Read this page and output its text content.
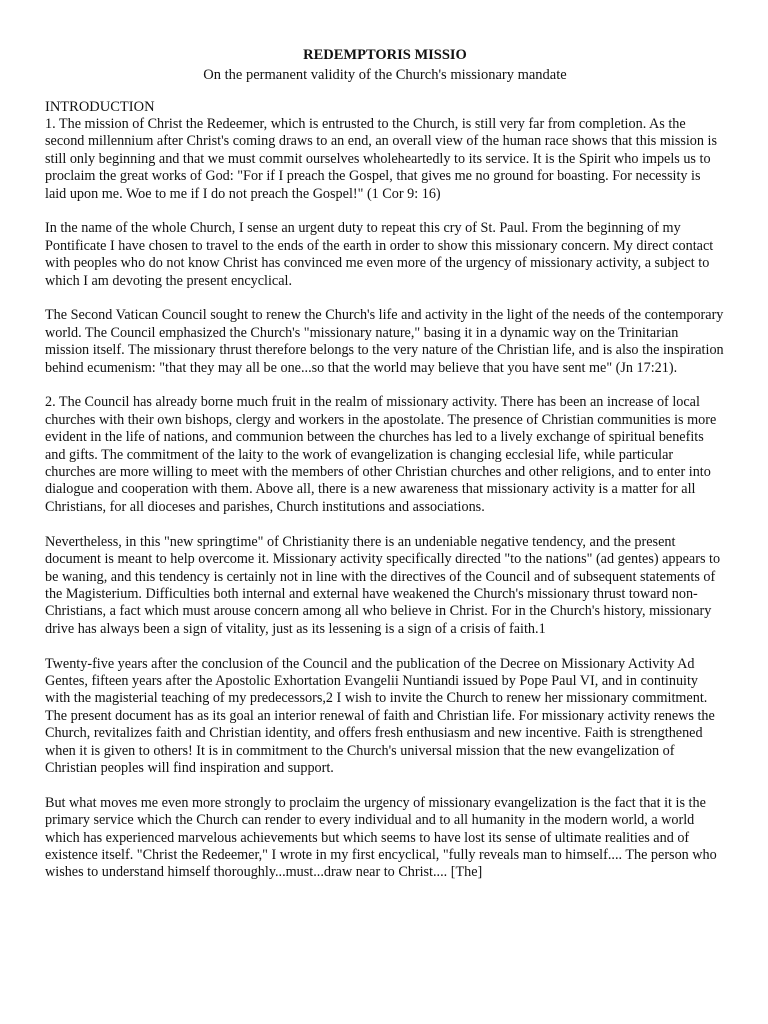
REDEMPTORIS MISSIO
On the permanent validity of the Church's missionary mandate
INTRODUCTION

1. The mission of Christ the Redeemer, which is entrusted to the Church, is still very far from completion. As the second millennium after Christ's coming draws to an end, an overall view of the human race shows that this mission is still only beginning and that we must commit ourselves wholeheartedly to its service. It is the Spirit who impels us to proclaim the great works of God: "For if I preach the Gospel, that gives me no ground for boasting. For necessity is laid upon me. Woe to me if I do not preach the Gospel!" (1 Cor 9: 16)

In the name of the whole Church, I sense an urgent duty to repeat this cry of St. Paul. From the beginning of my Pontificate I have chosen to travel to the ends of the earth in order to show this missionary concern. My direct contact with peoples who do not know Christ has convinced me even more of the urgency of missionary activity, a subject to which I am devoting the present encyclical.

The Second Vatican Council sought to renew the Church's life and activity in the light of the needs of the contemporary world. The Council emphasized the Church's "missionary nature," basing it in a dynamic way on the Trinitarian mission itself. The missionary thrust therefore belongs to the very nature of the Christian life, and is also the inspiration behind ecumenism: "that they may all be one...so that the world may believe that you have sent me" (Jn 17:21).

2. The Council has already borne much fruit in the realm of missionary activity. There has been an increase of local churches with their own bishops, clergy and workers in the apostolate. The presence of Christian communities is more evident in the life of nations, and communion between the churches has led to a lively exchange of spiritual benefits and gifts. The commitment of the laity to the work of evangelization is changing ecclesial life, while particular churches are more willing to meet with the members of other Christian churches and other religions, and to enter into dialogue and cooperation with them. Above all, there is a new awareness that missionary activity is a matter for all Christians, for all dioceses and parishes, Church institutions and associations.

Nevertheless, in this "new springtime" of Christianity there is an undeniable negative tendency, and the present document is meant to help overcome it. Missionary activity specifically directed "to the nations" (ad gentes) appears to be waning, and this tendency is certainly not in line with the directives of the Council and of subsequent statements of the Magisterium. Difficulties both internal and external have weakened the Church's missionary thrust toward non-Christians, a fact which must arouse concern among all who believe in Christ. For in the Church's history, missionary drive has always been a sign of vitality, just as its lessening is a sign of a crisis of faith.1

Twenty-five years after the conclusion of the Council and the publication of the Decree on Missionary Activity Ad Gentes, fifteen years after the Apostolic Exhortation Evangelii Nuntiandi issued by Pope Paul VI, and in continuity with the magisterial teaching of my predecessors,2 I wish to invite the Church to renew her missionary commitment. The present document has as its goal an interior renewal of faith and Christian life. For missionary activity renews the Church, revitalizes faith and Christian identity, and offers fresh enthusiasm and new incentive. Faith is strengthened when it is given to others! It is in commitment to the Church's universal mission that the new evangelization of Christian peoples will find inspiration and support.

But what moves me even more strongly to proclaim the urgency of missionary evangelization is the fact that it is the primary service which the Church can render to every individual and to all humanity in the modern world, a world which has experienced marvelous achievements but which seems to have lost its sense of ultimate realities and of existence itself. "Christ the Redeemer," I wrote in my first encyclical, "fully reveals man to himself.... The person who wishes to understand himself thoroughly...must...draw near to Christ.... [The]
